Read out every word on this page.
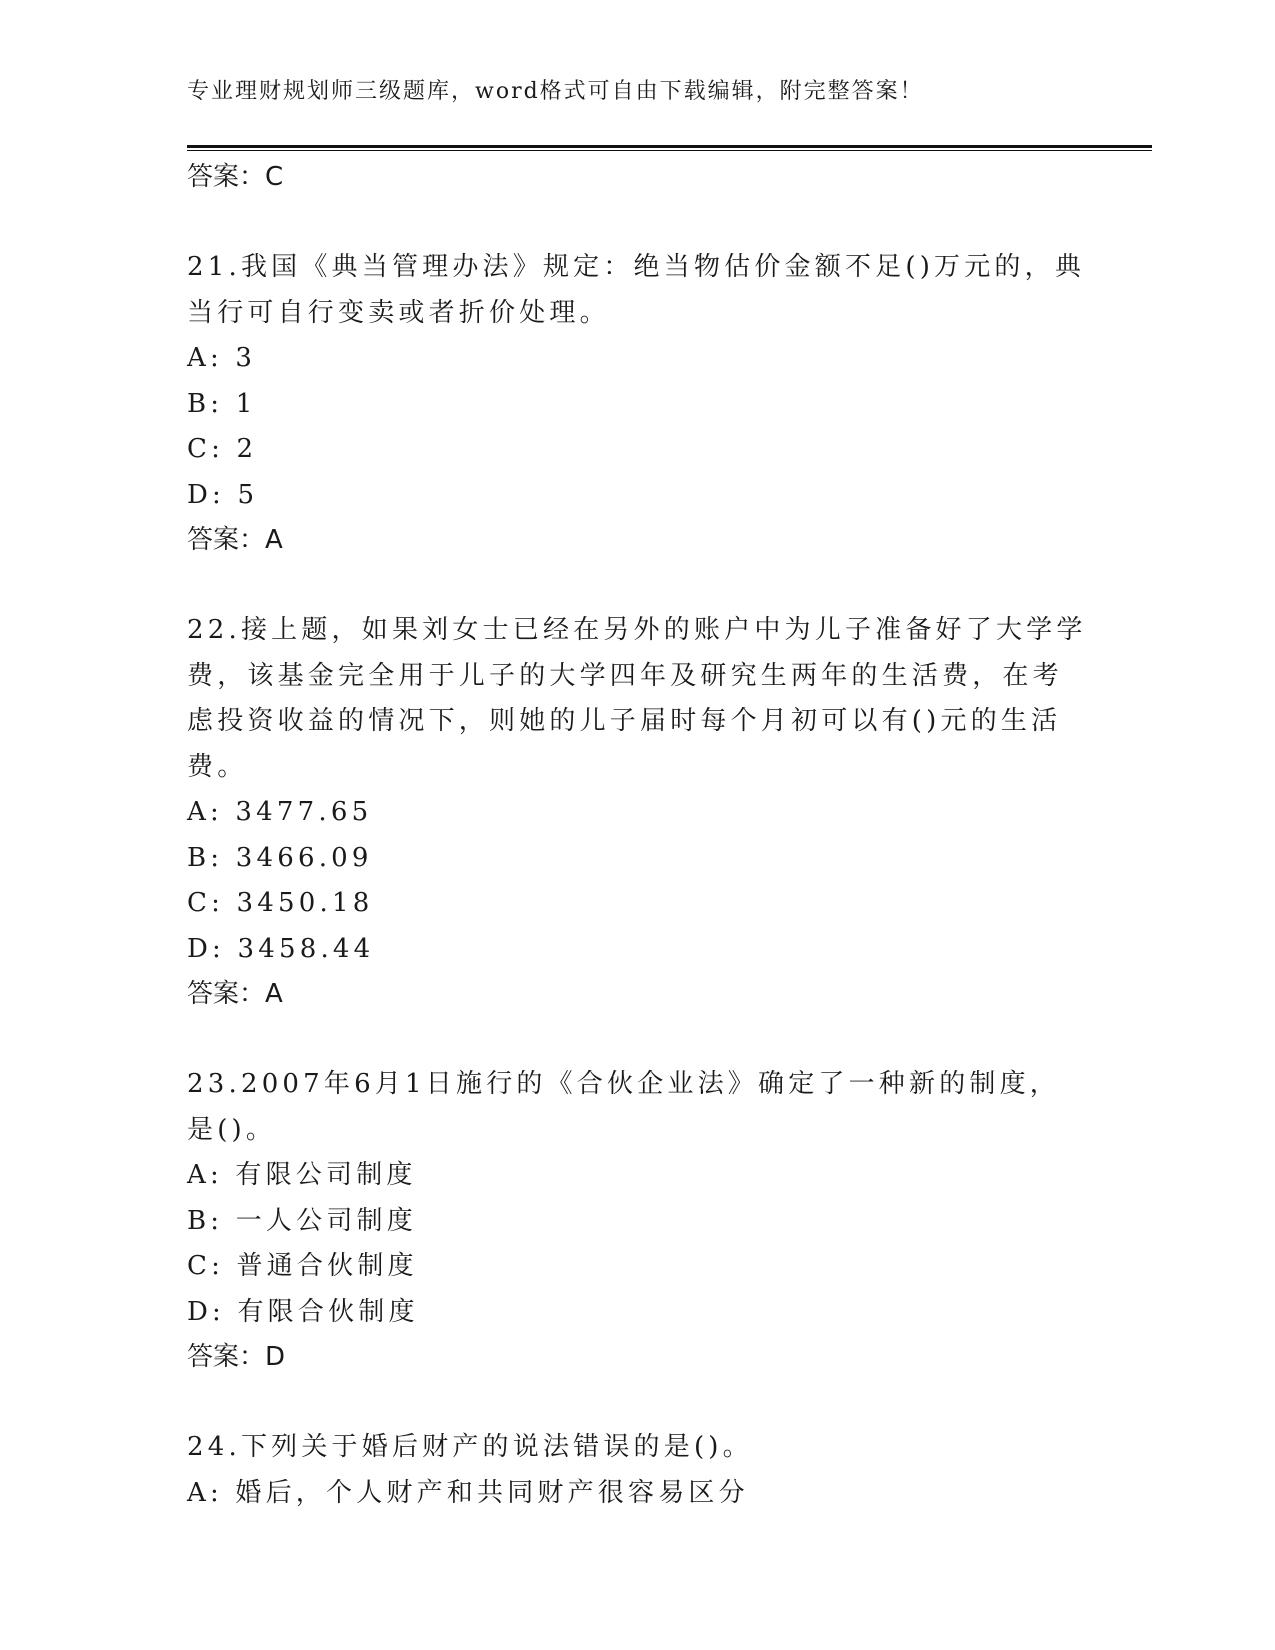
专业理财规划师三级题库，word格式可自由下载编辑，附完整答案！
答案：C
21.我国《典当管理办法》规定：绝当物估价金额不足()万元的，典当行可自行变卖或者折价处理。
A: 3
B: 1
C: 2
D: 5
答案：A
22.接上题，如果刘女士已经在另外的账户中为儿子准备好了大学学费，该基金完全用于儿子的大学四年及研究生两年的生活费，在考虑投资收益的情况下，则她的儿子届时每个月初可以有()元的生活费。
A: 3477.65
B: 3466.09
C: 3450.18
D: 3458.44
答案：A
23.2007年6月1日施行的《合伙企业法》确定了一种新的制度，是()。
A: 有限公司制度
B: 一人公司制度
C: 普通合伙制度
D: 有限合伙制度
答案：D
24.下列关于婚后财产的说法错误的是()。
A: 婚后，个人财产和共同财产很容易区分
